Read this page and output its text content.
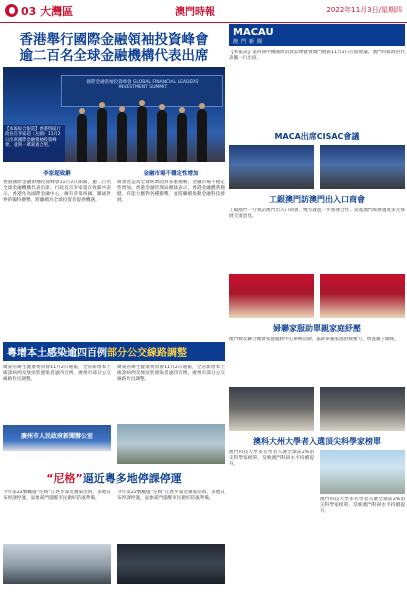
03 大灣區	澳門時報	2022年11月3日/星期四
香港舉行國際金融領袖投資峰會
逾二百名全球金融機構代表出席
國際金融領袖投資峰會 GLOBAL FINANCIAL LEADERS' INVESTMENT SUMMIT
【本報綜合報道】香港特區行政長官李家超（左圖）11月2日出席國際金融領袖投資峰會，並與一眾嘉賓合照。
李家超致辭
香港國際金融領袖投資峰會11月2日開幕，逾二百名全球金融機構代表出席。行政長官李家超在致辭中表示，香港作為國際金融中心，擁有背靠祖國、聯通世界的獨特優勢，將繼續為全球投資者提供機遇。
金融市場不穩定性增加
與會者認為全球經濟面對多重挑戰，金融市場不穩定性增加。香港金融管理局總裁表示，香港金融體系穩健，有能力應對各種衝擊，並將繼續推動金融科技發展。
粵增本土感染逾四百例部分公交線路調整
廣東省衛生健康委員會11月2日通報，全省新增本土確診病例及無症狀感染者逾四百例，廣州市部分公交線路作出調整。
廣東省衛生健康委員會11月2日通報，全省新增本土確診病例及無症狀感染者逾四百例，廣州市部分公交線路作出調整。
廣州市人民政府新聞辦公室
“尼格”逼近粵多地停課停運
今年第22號颱風“尼格”正逐步靠近廣東沿海，多地宣布停課停運，氣象部門提醒市民做好防風準備。
今年第22號颱風“尼格”正逐步靠近廣東沿海，多地宣布停課停運，氣象部門提醒市民做好防風準備。
MACAU
澳門新聞
【本報訊】第四屆中國國際消費品博覽會澳門展區11月2日召開會議，澳門特區政府代表團一行出席。
MACA出席CISAC會議
工銀澳門訪澳門出入口商會
工銀澳門一行到訪澳門出入口商會，雙方就進一步加強合作、促進澳門經濟適度多元發展交流意見。
婦聯家服助單親家庭紓壓
澳門婦女聯合總會家庭服務中心舉辦活動，協助單親家庭舒緩壓力，增進親子關係。
澳科大州大學者入選頂尖科學家榜單
澳門科技大學多名學者入選全球前2%頂尖科學家榜單，反映澳門科研水平持續提升。
澳門科技大學多名學者入選全球前2%頂尖科學家榜單，反映澳門科研水平持續提升。
